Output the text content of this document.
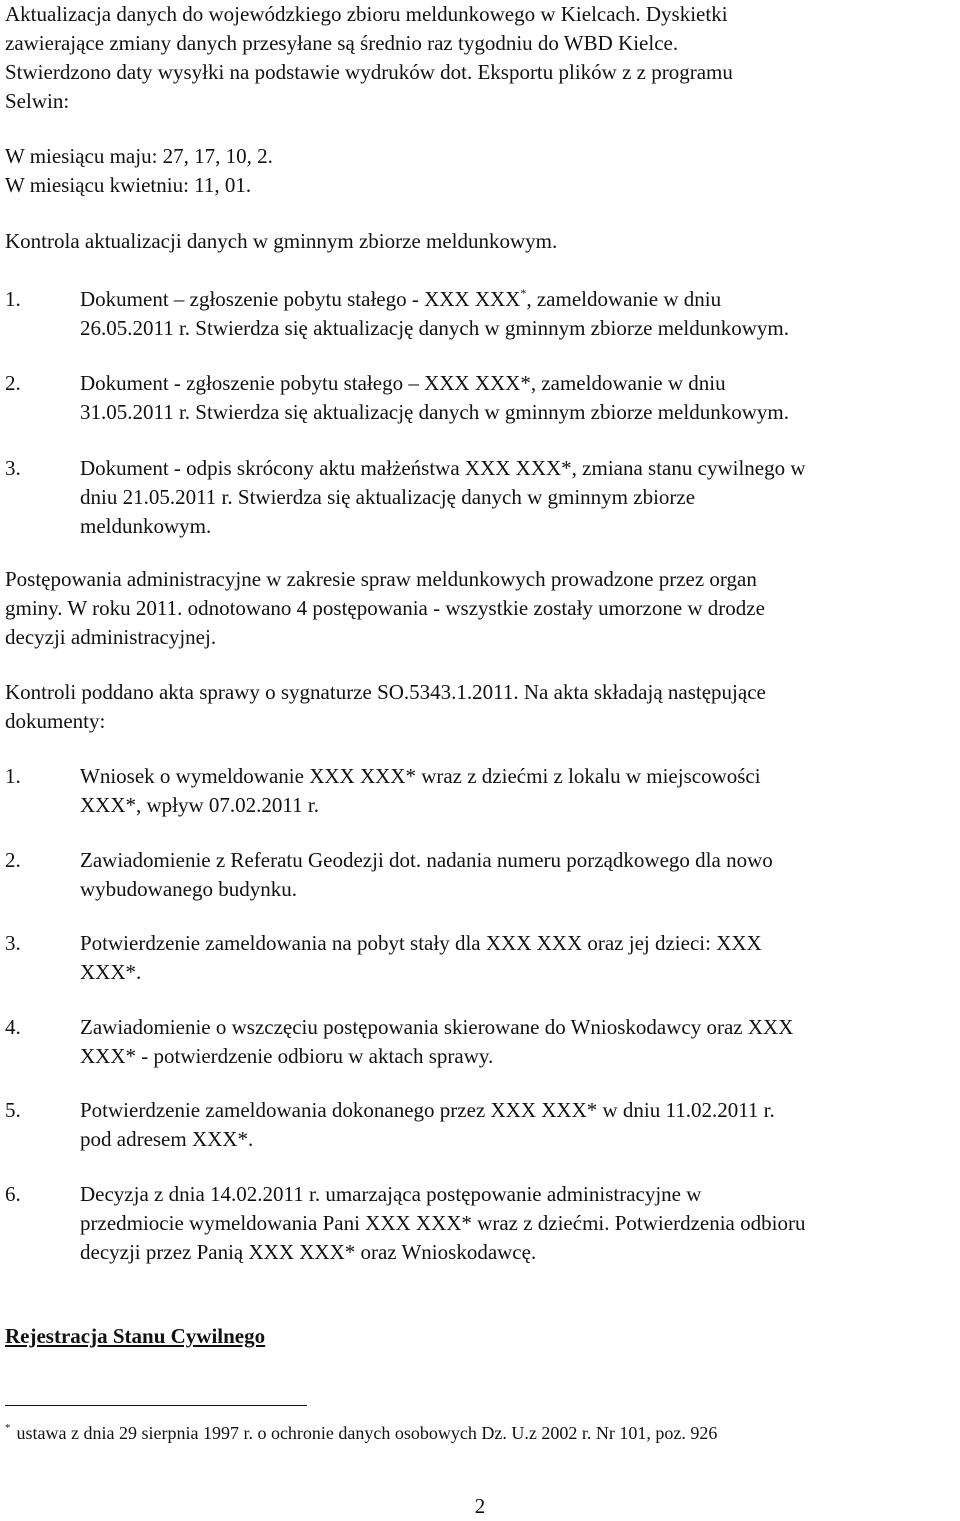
Aktualizacja danych do wojewódzkiego zbioru meldunkowego w Kielcach. Dyskietki
zawierające zmiany danych przesyłane są średnio raz tygodniu do WBD Kielce.
Stwierdzono daty wysyłki na podstawie wydruków dot. Eksportu plików z z programu
Selwin:
W miesiącu maju: 27, 17, 10, 2.
W miesiącu kwietniu: 11, 01.
Kontrola aktualizacji danych w gminnym zbiorze meldunkowym.
1.	Dokument – zgłoszenie pobytu stałego - XXX XXX*, zameldowanie w dniu
26.05.2011 r. Stwierdza się aktualizację danych w gminnym zbiorze meldunkowym.
2.	Dokument - zgłoszenie pobytu stałego – XXX XXX*, zameldowanie w dniu
31.05.2011 r. Stwierdza się aktualizację danych w gminnym zbiorze meldunkowym.
3.	Dokument - odpis skrócony aktu małżeństwa XXX XXX*, zmiana stanu cywilnego w
dniu 21.05.2011 r. Stwierdza się aktualizację danych w gminnym zbiorze
meldunkowym.
Postępowania administracyjne w zakresie spraw meldunkowych prowadzone przez organ
gminy. W roku 2011. odnotowano 4 postępowania - wszystkie zostały umorzone w drodze
decyzji administracyjnej.
Kontroli poddano akta sprawy o sygnaturze SO.5343.1.2011. Na akta składają następujące
dokumenty:
1.	Wniosek o wymeldowanie XXX XXX* wraz z dziećmi z lokalu w miejscowości
XXX*, wpływ 07.02.2011 r.
2.	Zawiadomienie z Referatu Geodezji dot. nadania numeru porządkowego dla nowo
wybudowanego budynku.
3.	Potwierdzenie zameldowania na pobyt stały dla XXX XXX oraz jej dzieci: XXX
XXX*.
4.	Zawiadomienie o wszczęciu postępowania skierowane do Wnioskodawcy oraz XXX
XXX* - potwierdzenie odbioru w aktach sprawy.
5.	Potwierdzenie zameldowania dokonanego przez XXX XXX* w dniu 11.02.2011 r.
pod adresem XXX*.
6.	Decyzja z dnia 14.02.2011 r. umarzająca postępowanie administracyjne w
przedmiocie wymeldowania Pani XXX XXX* wraz z dziećmi. Potwierdzenia odbioru
decyzji przez Panią XXX XXX* oraz Wnioskodawcę.
Rejestracja Stanu Cywilnego
* ustawa z dnia 29 sierpnia 1997 r. o ochronie danych osobowych Dz. U.z 2002 r. Nr 101, poz. 926
2
